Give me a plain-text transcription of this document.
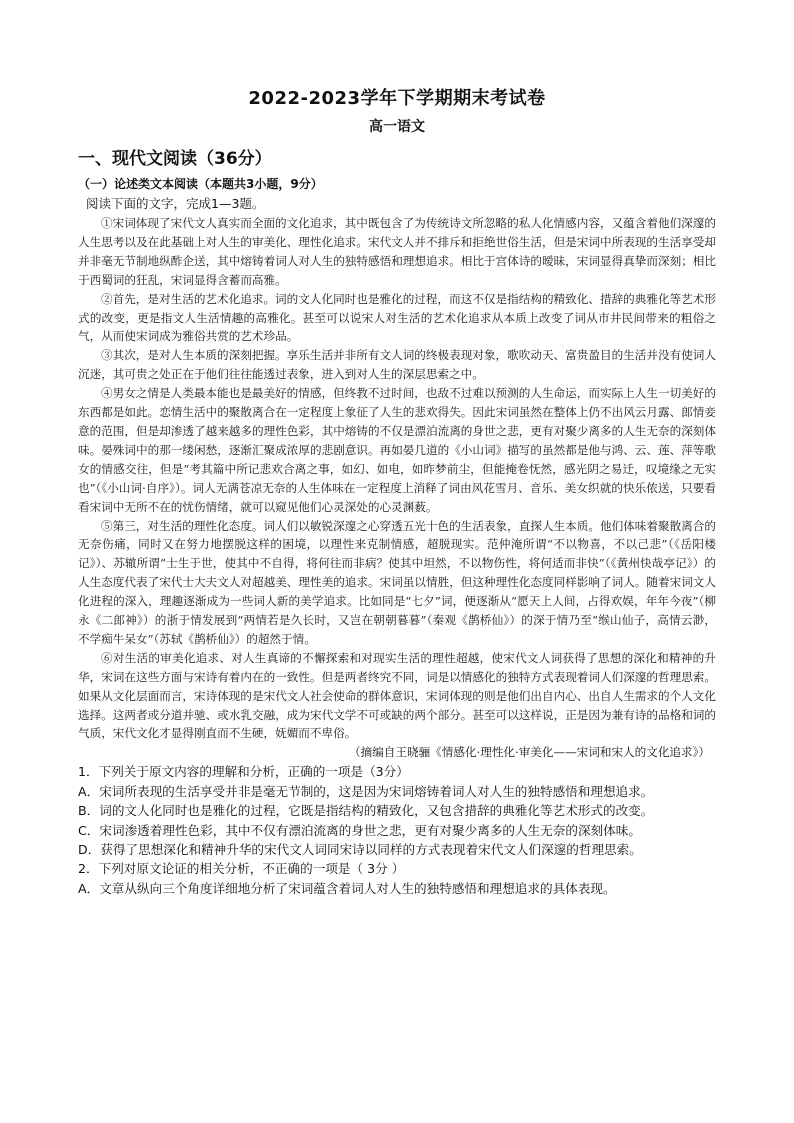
2022-2023学年下学期期末考试卷
高一语文
一、现代文阅读（36分）
（一）论述类文本阅读（本题共3小题，9分）
阅读下面的文字，完成1—3题。

①宋词体现了宋代文人真实而全面的文化追求，其中既包含了为传统诗文所忽略的私人化情感内容，又蕴含着他们深邃的人生思考以及在此基础上对人生的审美化、理性化追求。宋代文人并不排斥和拒绝世俗生活，但是宋词中所表现的生活享受却并非毫无节制地纵酢企送，其中熔铸着词人对人生的独特感悟和理想追求。相比于宫体诗的暧昧，宋词显得真挚而深刻；相比于西蜀词的狂乱，宋词显得含蓄而高雅。

②首先，是对生活的艺术化追求。词的文人化同时也是雅化的过程，而这不仅是指结构的精致化、措辞的典雅化等艺术形式的改变，更是指文人生活情趣的高雅化。甚至可以说宋人对生活的艺术化追求从本质上改变了词从市井民间带来的粗俗之气，从而使宋词成为雅俗共赏的艺术珍品。

③其次，是对人生本质的深刻把握。享乐生活并非所有文人词的终极表现对象，歌吹动天、富贵盈目的生活并没有使词人沉迷，其可贵之处正在于他们往往能透过表象，进入到对人生的深层思索之中。

④男女之情是人类最本能也是最美好的情感，但终教不过时间，也敌不过难以预测的人生命运，而实际上人生一切美好的东西都是如此。恋情生活中的聚散离合在一定程度上象征了人生的悲欢得失。因此宋词虽然在整体上仍不出风云月露、郎情妾意的范围，但是却渗透了越来越多的理性色彩，其中熔铸的不仅是漂泊流离的身世之悲，更有对聚少离多的人生无奈的深刻体味。晏殊词中的那一缕闲愁，逐渐汇聚成浓厚的悲剧意识。再如晏几道的《小山词》描写的虽然都是他与鸿、云、莲、萍等歌女的情感交往，但是“考其篇中所记悲欢合离之事，如幻、如电，如昨梦前尘，但能掩卷怃然，感光阴之易迁，叹境缘之无实也”（《小山词·自序》）。词人无满苍凉无奈的人生体味在一定程度上消释了词由风花雪月、音乐、美女织就的快乐侬送，只要看看宋词中无所不在的忧伤情绪，就可以窥见他们心灵深处的心灵渊薮。

⑤第三，对生活的理性化态度。词人们以敏锐深邃之心穿透五光十色的生活表象，直探人生本质。他们体味着聚散离合的无奈伤痛，同时又在努力地摆脱这样的困境，以理性来克制情感，超脱现实。范仲淹所谓“不以物喜，不以己悲”（《岳阳楼记》）、苏辙所谓“士生于世，使其中不自得，将何往而非病？使其中坦然，不以物伤性，将何适而非快”（《黄州快哉亭记》）的人生态度代表了宋代士大夫文人对超越美、理性美的追求。宋词虽以情胜，但这种理性化态度同样影响了词人。随着宋词文人化进程的深入，理趣逐渐成为一些词人新的美学追求。比如同是“七夕”词，便逐渐从“愿天上人间，占得欢娱，年年今夜”（柳永《二郎神》）的浙于情发展到“两情若是久长时，又岂在朝朝暮暮”（秦观《鹊桥仙》）的深于情乃至“缑山仙子，高情云渺，不学痴牛呆女”（苏轼《鹊桥仙》）的超然于情。

⑥对生活的审美化追求、对人生真谛的不懈探索和对现实生活的理性超越，使宋代文人词获得了思想的深化和精神的升华，宋词在这些方面与宋诗有着内在的一致性。但是两者终究不同，词是以情感化的独特方式表现着词人们深邃的哲理思索。如果从文化层面而言，宋诗体现的是宋代文人社会使命的群体意识，宋词体现的则是他们出自内心、出自人生需求的个人文化选择。这两者或分道并驰、或水乳交融，成为宋代文学不可或缺的两个部分。甚至可以这样说，正是因为兼有诗的品格和词的气质，宋代文化才显得刚直而不生硬，妩媚而不卑俗。

（摘编自王晓骊《情感化·理性化·审美化——宋词和宋人的文化追求》）

1．下列关于原文内容的理解和分析，正确的一项是（3分）

A．宋词所表现的生活享受并非是毫无节制的，这是因为宋词熔铸着词人对人生的独特感悟和理想追求。

B．词的文人化同时也是雅化的过程，它既是指结构的精致化，又包含措辞的典雅化等艺术形式的改变。

C．宋词渗透着理性色彩，其中不仅有漂泊流离的身世之悲，更有对聚少离多的人生无奈的深刻体味。

D．获得了思想深化和精神升华的宋代文人词同宋诗以同样的方式表现着宋代文人们深邃的哲理思索。

2．下列对原文论证的相关分析，不正确的一项是（ 3分 ）

A．文章从纵向三个角度详细地分析了宋词蕴含着词人对人生的独特感悟和理想追求的具体表现。
